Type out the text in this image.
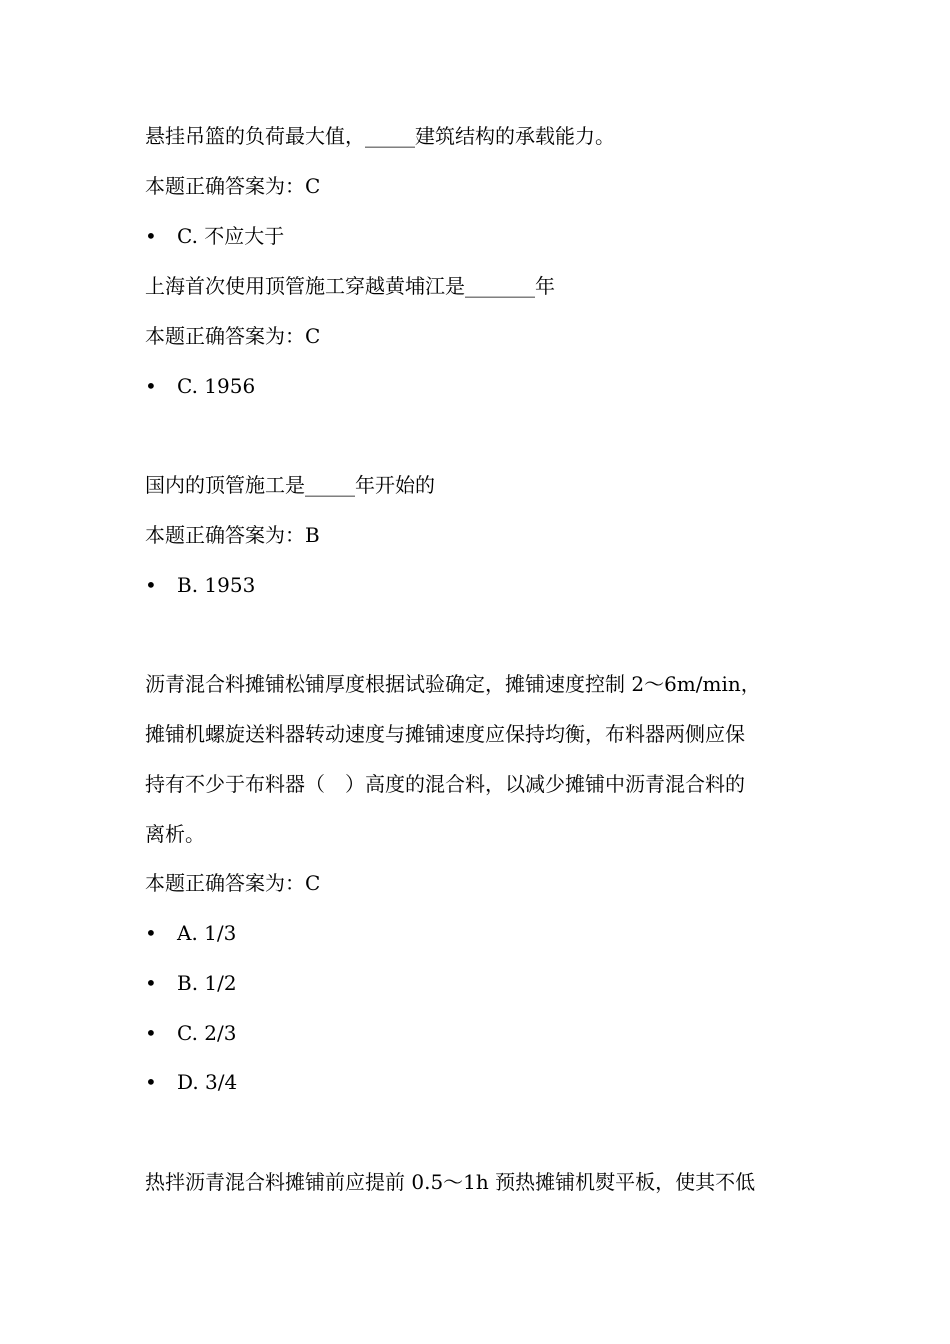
悬挂吊篮的负荷最大值，_____建筑结构的承载能力。
本题正确答案为：C
• C. 不应大于
上海首次使用顶管施工穿越黄埔江是_______年
本题正确答案为：C
• C. 1956
国内的顶管施工是_____年开始的
本题正确答案为：B
• B. 1953
沥青混合料摊铺松铺厚度根据试验确定，摊铺速度控制 2～6m/min，
摊铺机螺旋送料器转动速度与摊铺速度应保持均衡，布料器两侧应保
持有不少于布料器（　）高度的混合料，以减少摊铺中沥青混合料的
离析。
本题正确答案为：C
• A. 1/3
• B. 1/2
• C. 2/3
• D. 3/4
热拌沥青混合料摊铺前应提前 0.5～1h 预热摊铺机熨平板，使其不低
